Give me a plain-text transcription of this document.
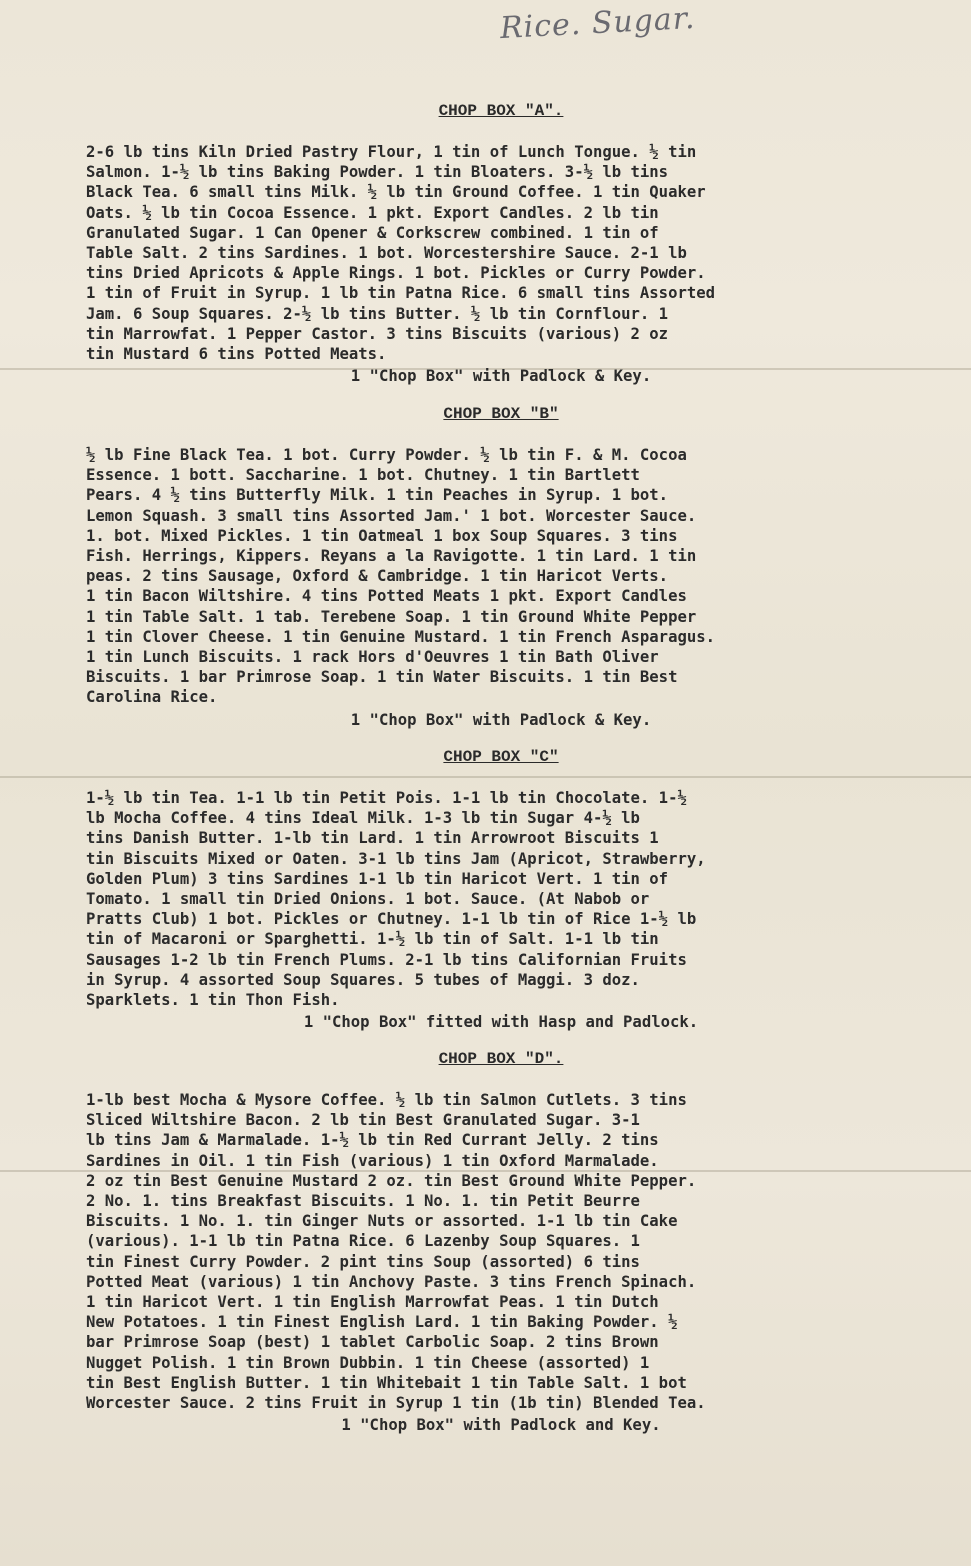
Rice. Sugar.
CHOP BOX "A".
2-6 lb tins Kiln Dried Pastry Flour, 1 tin of Lunch Tongue. ½ tin
Salmon. 1-½ lb tins Baking Powder. 1 tin Bloaters. 3-½ lb tins
Black Tea. 6 small tins Milk. ½ lb tin Ground Coffee. 1 tin Quaker
Oats. ½ lb tin Cocoa Essence. 1 pkt. Export Candles. 2 lb tin
Granulated Sugar. 1 Can Opener & Corkscrew combined. 1 tin of
Table Salt. 2 tins Sardines. 1 bot. Worcestershire Sauce. 2-1 lb
tins Dried Apricots & Apple Rings. 1 bot. Pickles or Curry Powder.
1 tin of Fruit in Syrup. 1 lb tin Patna Rice. 6 small tins Assorted
Jam. 6 Soup Squares. 2-½ lb tins Butter. ½ lb tin Cornflour. 1
tin Marrowfat. 1 Pepper Castor. 3 tins Biscuits (various) 2 oz
tin Mustard 6 tins Potted Meats.
1 "Chop Box" with Padlock & Key.
CHOP BOX "B"
½ lb Fine Black Tea. 1 bot. Curry Powder. ½ lb tin F. & M. Cocoa
Essence. 1 bott. Saccharine. 1 bot. Chutney. 1 tin Bartlett
Pears. 4 ½ tins Butterfly Milk. 1 tin Peaches in Syrup. 1 bot.
Lemon Squash. 3 small tins Assorted Jam.' 1 bot. Worcester Sauce.
1. bot. Mixed Pickles. 1 tin Oatmeal 1 box Soup Squares. 3 tins
Fish. Herrings, Kippers. Reyans a la Ravigotte. 1 tin Lard. 1 tin
peas. 2 tins Sausage, Oxford & Cambridge. 1 tin Haricot Verts.
1 tin Bacon Wiltshire. 4 tins Potted Meats 1 pkt. Export Candles
1 tin Table Salt. 1 tab. Terebene Soap. 1 tin Ground White Pepper
1 tin Clover Cheese. 1 tin Genuine Mustard. 1 tin French Asparagus.
1 tin Lunch Biscuits. 1 rack Hors d'Oeuvres 1 tin Bath Oliver
Biscuits. 1 bar Primrose Soap. 1 tin Water Biscuits. 1 tin Best
Carolina Rice.
1 "Chop Box" with Padlock & Key.
CHOP BOX "C"
1-½ lb tin Tea. 1-1 lb tin Petit Pois. 1-1 lb tin Chocolate. 1-½
lb Mocha Coffee. 4 tins Ideal Milk. 1-3 lb tin Sugar 4-½ lb
tins Danish Butter. 1-lb tin Lard. 1 tin Arrowroot Biscuits 1
tin Biscuits Mixed or Oaten. 3-1 lb tins Jam (Apricot, Strawberry,
Golden Plum) 3 tins Sardines 1-1 lb tin Haricot Vert. 1 tin of
Tomato. 1 small tin Dried Onions. 1 bot. Sauce. (At Nabob or
Pratts Club) 1 bot. Pickles or Chutney. 1-1 lb tin of Rice 1-½ lb
tin of Macaroni or Sparghetti. 1-½ lb tin of Salt. 1-1 lb tin
Sausages 1-2 lb tin French Plums. 2-1 lb tins Californian Fruits
in Syrup. 4 assorted Soup Squares. 5 tubes of Maggi. 3 doz.
Sparklets. 1 tin Thon Fish.
1 "Chop Box" fitted with Hasp and Padlock.
CHOP BOX "D".
1-lb best Mocha & Mysore Coffee. ½ lb tin Salmon Cutlets. 3 tins
Sliced Wiltshire Bacon. 2 lb tin Best Granulated Sugar. 3-1
lb tins Jam & Marmalade. 1-½ lb tin Red Currant Jelly. 2 tins
Sardines in Oil. 1 tin Fish (various) 1 tin Oxford Marmalade.
2 oz tin Best Genuine Mustard 2 oz. tin Best Ground White Pepper.
2 No. 1. tins Breakfast Biscuits. 1 No. 1. tin Petit Beurre
Biscuits. 1 No. 1. tin Ginger Nuts or assorted. 1-1 lb tin Cake
(various). 1-1 lb tin Patna Rice. 6 Lazenby Soup Squares. 1
tin Finest Curry Powder. 2 pint tins Soup (assorted) 6 tins
Potted Meat (various) 1 tin Anchovy Paste. 3 tins French Spinach.
1 tin Haricot Vert. 1 tin English Marrowfat Peas. 1 tin Dutch
New Potatoes. 1 tin Finest English Lard. 1 tin Baking Powder. ½
bar Primrose Soap (best) 1 tablet Carbolic Soap. 2 tins Brown
Nugget Polish. 1 tin Brown Dubbin. 1 tin Cheese (assorted) 1
tin Best English Butter. 1 tin Whitebait 1 tin Table Salt. 1 bot
Worcester Sauce. 2 tins Fruit in Syrup 1 tin (1b tin) Blended Tea.
1 "Chop Box" with Padlock and Key.
